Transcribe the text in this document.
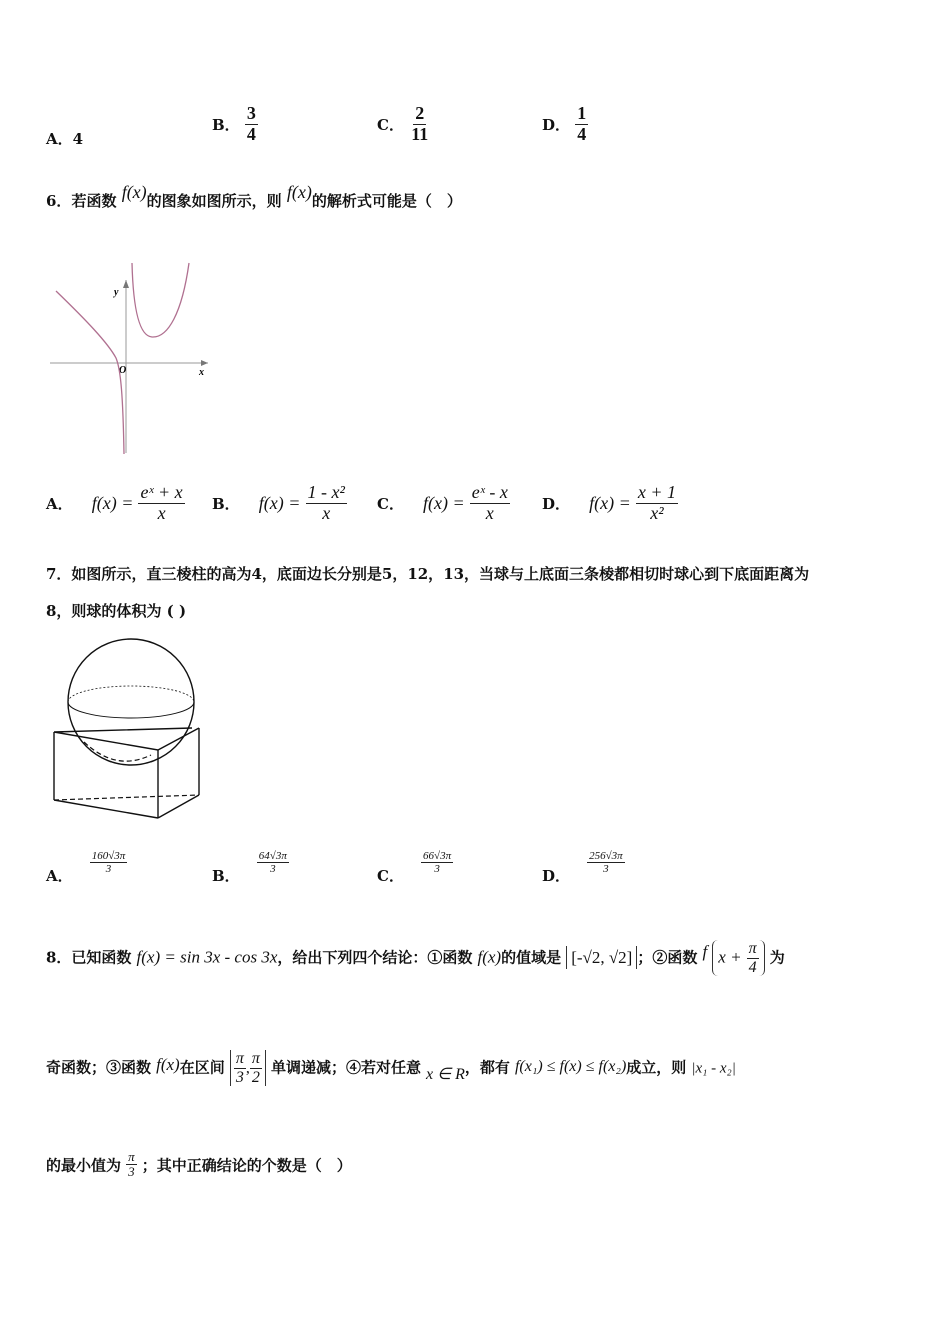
A．4
B． $\frac{3}{4}$	C． $\frac{2}{11}$	D． $\frac{1}{4}$
6．若函数 f(x)的图象如图所示，则 f(x)的解析式可能是（　）
y
x
O
A． $f(x) = \frac{\text{eˣ + x}}{x}$ B． $f(x) = \frac{\text{1 - x²}}{x}$ C． $f(x) = \frac{\text{eˣ - x}}{x}$ D． $f(x) = \frac{x + 1}{\text{x²}}$
7．如图所示，直三棱柱的高为4，底面边长分别是5，12，13，当球与上底面三条棱都相切时球心到下底面距离为
8，则球的体积为 ( )
A．
$\frac{160√3\pi}{3}$
B．
$\frac{64√3\pi}{3}$
C．
$\frac{66√3\pi}{3}$
D．
$\frac{256√3\pi}{3}$
8．已知函数 f(x) = sin 3x - cos 3x，给出下列四个结论：①函数 f(x)的值域是 [-√2, √2] ；②函数 f $x + \frac{\pi}{4}$ 为
奇函数；③函数 f(x)在区间 $\frac{\pi}{3}$ , $\frac{\pi}{2}$ 单调递减；④若对任意 x ∈ R，都有 f(x₁) ≤ f(x) ≤ f(x₂)成立，则 |x₁ - x₂|
的最小值为 $\frac{\pi}{3}$ ；其中正确结论的个数是（　）
